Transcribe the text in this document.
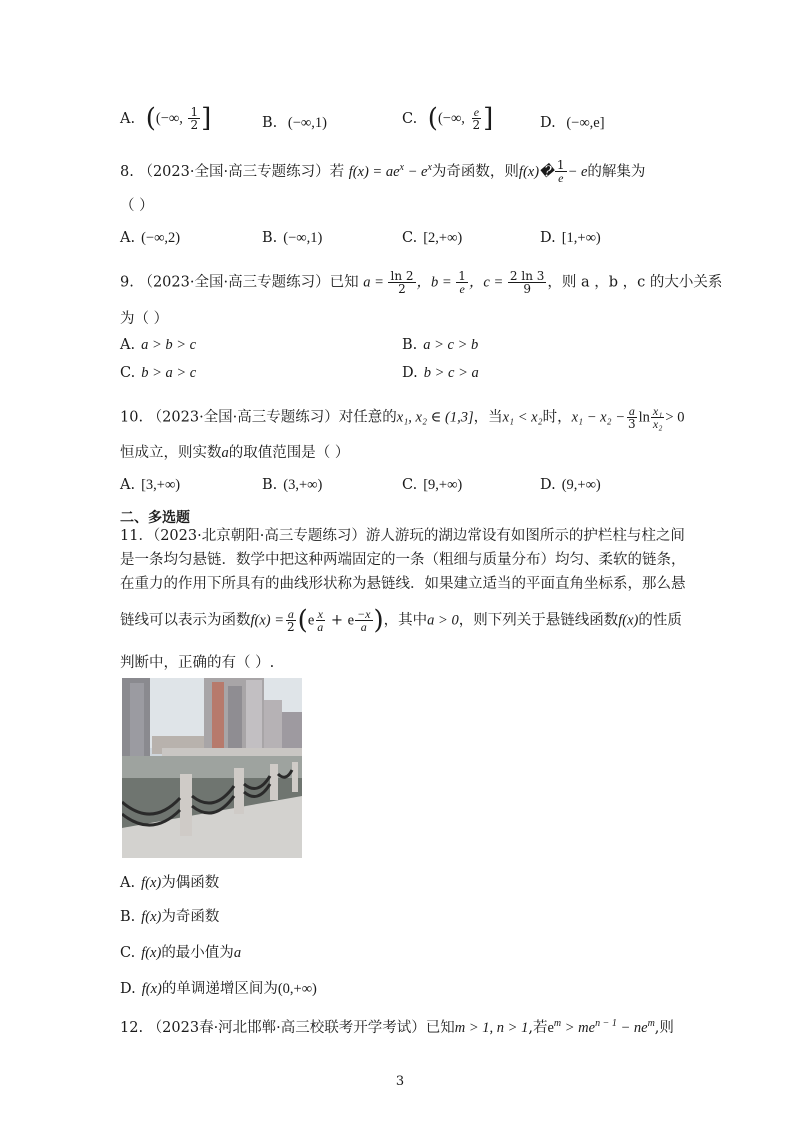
A. ((−∞, $\frac{1}{2}$ ]	B. (−∞,1)	C. ((−∞, $\frac{e}{2}$ ]	D. (−∞,e]
8. （2023·全国·高三专题练习）若 $f(x) = ae^x - e^x$为奇函数，则f(x)� $\frac{1}{e} - e$的解集为
（ ）
A. (−∞,2)	B. (−∞,1)	C. [2,+∞)	D. [1,+∞)
9. （2023·全国·高三专题练习）已知 $a = \frac{\ln 2}{2}$ ，$b = \frac{1}{e}$ ，$c = \frac{2 \ln 3}{9}$ ，则 a ，b ，c 的大小关系
为（ ）
A. a > b > c	B. a > c > b
C. b > a > c	D. b > c > a
10. （2023·全国·高三专题练习）对任意的x₁, x₂ ∈ (1,3]，当x₁ < x₂时，$x_1 - x_2 - \frac{a}{3}$ $\ln \frac{\text{x₁}}{\text{x₂}} > 0$
恒成立，则实数a的取值范围是（ ）
A. [3,+∞)	B. (3,+∞)	C. [9,+∞)	D. (9,+∞)
二、多选题
11．（2023·北京朝阳·高三专题练习）游人游玩的湖边常设有如图所示的护栏柱与柱之间
是一条均匀悬链．数学中把这种两端固定的一条（粗细与质量分布）均匀、柔软的链条，
在重力的作用下所具有的曲线形状称为悬链线．如果建立适当的平面直角坐标系，那么悬
链线可以表示为函数$f(x) = \frac{a}{2} (e \frac{x}{a} + e \frac{-x}{a}$ )，其中a > 0，则下列关于悬链线函数f(x)的性质
判断中，正确的有（ ）.
A. f(x)为偶函数
B. f(x)为奇函数
C. f(x)的最小值为a
D. f(x)的单调递增区间为(0,+∞)
12. （2023春·河北邯郸·高三校联考开学考试）已知m > 1, n > 1,若$e^m > me^{n - 1} - ne^m$,则
3
